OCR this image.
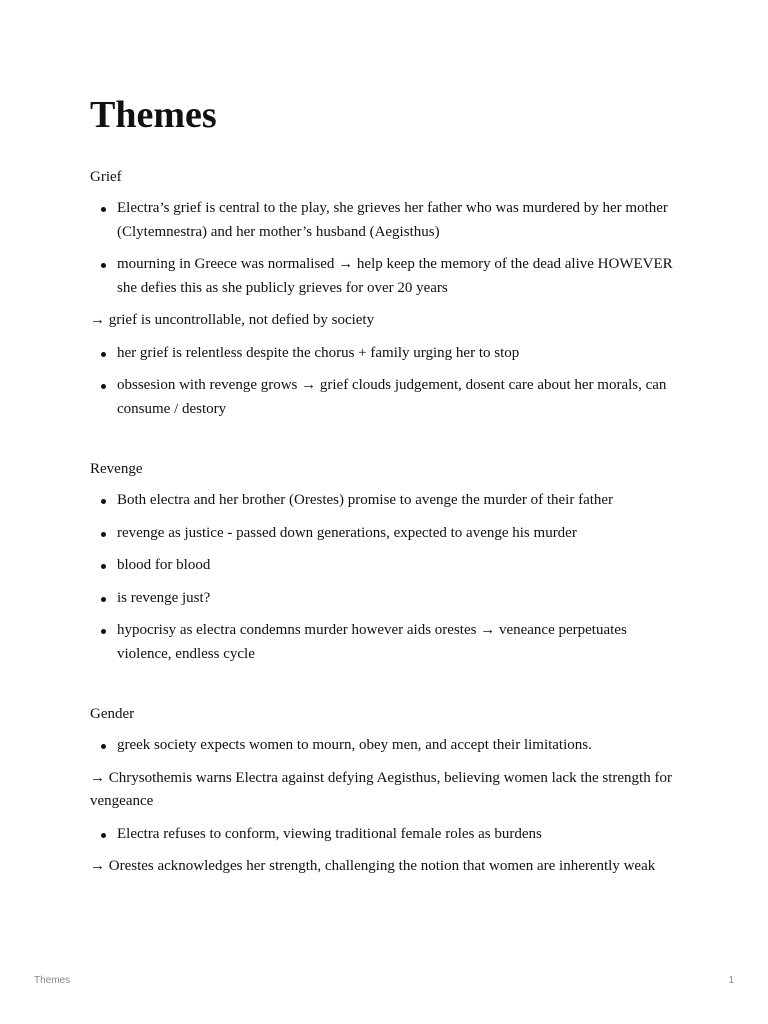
Themes
Grief
Electra’s grief is central to the play, she grieves her father who was murdered by her mother (Clytemnestra) and her mother’s husband (Aegisthus)
mourning in Greece was normalised → help keep the memory of the dead alive HOWEVER she defies this as she publicly grieves for over 20 years
→ grief is uncontrollable, not defied by society
her grief is relentless despite the chorus + family urging her to stop
obssesion with revenge grows → grief clouds judgement, dosent care about her morals, can consume / destory
Revenge
Both electra and her brother (Orestes) promise to avenge the murder of their father
revenge as justice - passed down generations, expected to avenge his murder
blood for blood
is revenge just?
hypocrisy as electra condemns murder however aids orestes → veneance perpetuates violence, endless cycle
Gender
greek society expects women to mourn, obey men, and accept their limitations.
→ Chrysothemis warns Electra against defying Aegisthus, believing women lack the strength for vengeance
Electra refuses to conform, viewing traditional female roles as burdens
→ Orestes acknowledges her strength, challenging the notion that women are inherently weak
Themes	1
